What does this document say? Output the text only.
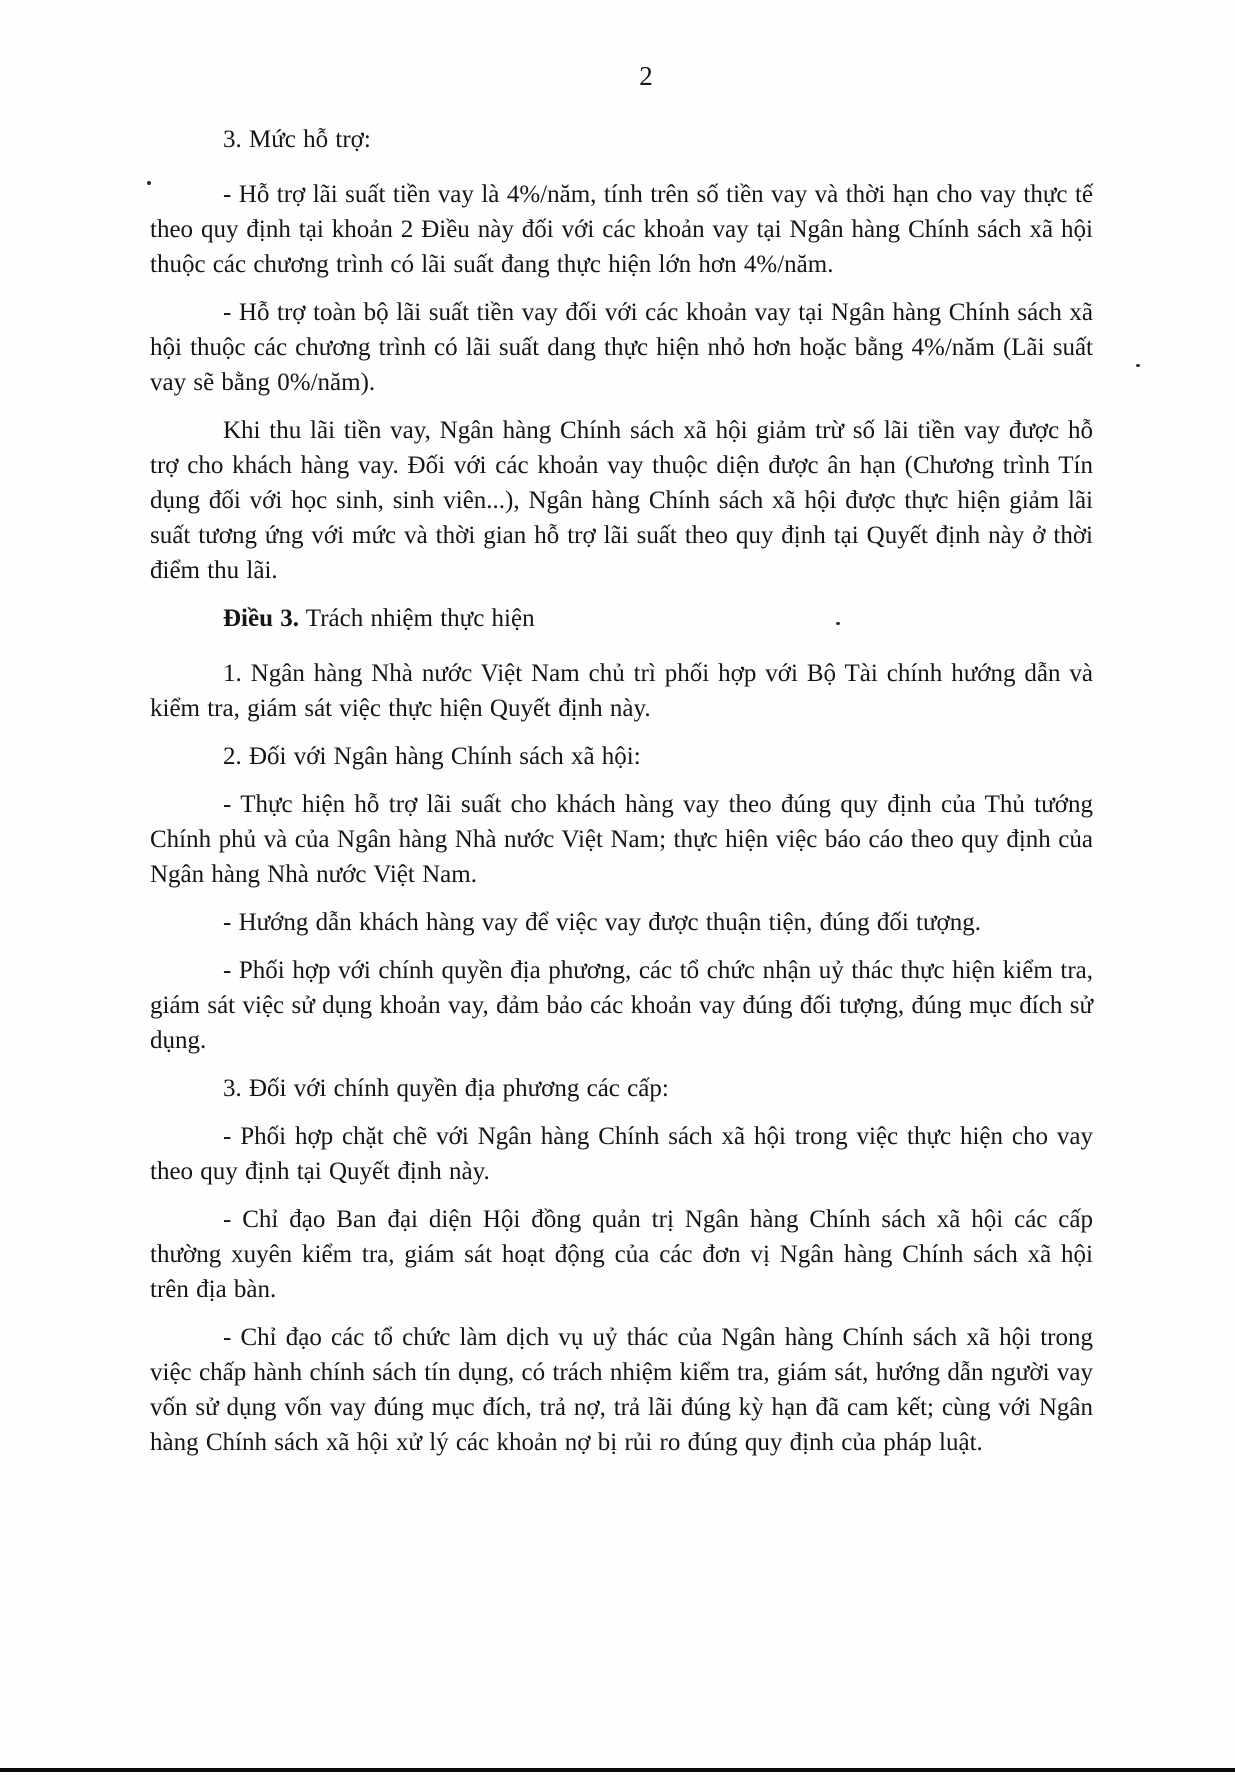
2

3. Mức hỗ trợ:

- Hỗ trợ lãi suất tiền vay là 4%/năm, tính trên số tiền vay và thời hạn cho vay thực tế theo quy định tại khoản 2 Điều này đối với các khoản vay tại Ngân hàng Chính sách xã hội thuộc các chương trình có lãi suất đang thực hiện lớn hơn 4%/năm.

- Hỗ trợ toàn bộ lãi suất tiền vay đối với các khoản vay tại Ngân hàng Chính sách xã hội thuộc các chương trình có lãi suất dang thực hiện nhỏ hơn hoặc bằng 4%/năm (Lãi suất vay sẽ bằng 0%/năm).

Khi thu lãi tiền vay, Ngân hàng Chính sách xã hội giảm trừ số lãi tiền vay được hỗ trợ cho khách hàng vay. Đối với các khoản vay thuộc diện được ân hạn (Chương trình Tín dụng đối với học sinh, sinh viên...), Ngân hàng Chính sách xã hội được thực hiện giảm lãi suất tương ứng với mức và thời gian hỗ trợ lãi suất theo quy định tại Quyết định này ở thời điểm thu lãi.

Điều 3. Trách nhiệm thực hiện

1. Ngân hàng Nhà nước Việt Nam chủ trì phối hợp với Bộ Tài chính hướng dẫn và kiểm tra, giám sát việc thực hiện Quyết định này.

2. Đối với Ngân hàng Chính sách xã hội:

- Thực hiện hỗ trợ lãi suất cho khách hàng vay theo đúng quy định của Thủ tướng Chính phủ và của Ngân hàng Nhà nước Việt Nam; thực hiện việc báo cáo theo quy định của Ngân hàng Nhà nước Việt Nam.

- Hướng dẫn khách hàng vay để việc vay được thuận tiện, đúng đối tượng.

- Phối hợp với chính quyền địa phương, các tổ chức nhận uỷ thác thực hiện kiểm tra, giám sát việc sử dụng khoản vay, đảm bảo các khoản vay đúng đối tượng, đúng mục đích sử dụng.

3. Đối với chính quyền địa phương các cấp:

- Phối hợp chặt chẽ với Ngân hàng Chính sách xã hội trong việc thực hiện cho vay theo quy định tại Quyết định này.

- Chỉ đạo Ban đại diện Hội đồng quản trị Ngân hàng Chính sách xã hội các cấp thường xuyên kiểm tra, giám sát hoạt động của các đơn vị Ngân hàng Chính sách xã hội trên địa bàn.

- Chỉ đạo các tổ chức làm dịch vụ uỷ thác của Ngân hàng Chính sách xã hội trong việc chấp hành chính sách tín dụng, có trách nhiệm kiểm tra, giám sát, hướng dẫn người vay vốn sử dụng vốn vay đúng mục đích, trả nợ, trả lãi đúng kỳ hạn đã cam kết; cùng với Ngân hàng Chính sách xã hội xử lý các khoản nợ bị rủi ro đúng quy định của pháp luật.
